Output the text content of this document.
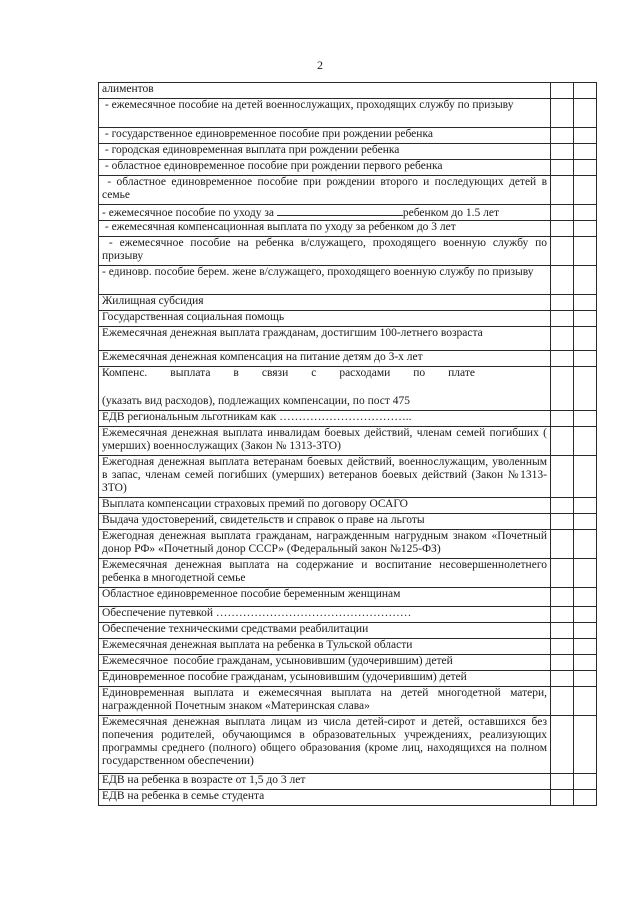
2
алиментов		
- ежемесячное пособие на детей военнослужащих, проходящих службу по призыву		
- государственное единовременное пособие при рождении ребенка		
- городская единовременная выплата при рождении ребенка		
- областное единовременное пособие при рождении первого ребенка		
- областное единовременное пособие при рождении второго и последующих детей в семье		
- ежемесячное пособие по уходу за ребенком до 1.5 лет		
- ежемесячная компенсационная выплата по уходу за ребенком до 3 лет		
- ежемесячное пособие на ребенка в/служащего, проходящего военную службу по призыву		
- единовр. пособие берем. жене в/служащего, проходящего военную службу по призыву		
Жилищная субсидия		
Государственная социальная помощь		
Ежемесячная денежная выплата гражданам, достигшим 100-летнего возраста		
Ежемесячная денежная компенсация на питание детям до 3-х лет		

Компенс.        выплата        в        связи        с        расходами        по        плате
(указать вид расходов), подлежащих компенсации, по пост 475		

ЕДВ региональным льготникам как ……………………………..		
Ежемесячная денежная выплата инвалидам боевых действий, членам семей погибших ( умерших) военнослужащих (Закон № 1313-ЗТО)		
Ежегодная денежная выплата ветеранам боевых действий, военнослужащим, уволенным в запас, членам семей погибших (умерших) ветеранов боевых действий (Закон №1313-ЗТО)		
Выплата компенсации страховых премий по договору ОСАГО		
Выдача удостоверений, свидетельств и справок о праве на льготы		
Ежегодная денежная выплата гражданам, награжденным нагрудным знаком «Почетный донор РФ» «Почетный донор СССР» (Федеральный закон №125-ФЗ)		
Ежемесячная денежная выплата на содержание и воспитание несовершеннолетнего ребенка в многодетной семье		
Областное единовременное пособие беременным женщинам		
Обеспечение путевкой ……………………………………………		
Обеспечение техническими средствами реабилитации		
Ежемесячная денежная выплата на ребенка в Тульской области		
Ежемесячное  пособие гражданам, усыновившим (удочерившим) детей		
Единовременное пособие гражданам, усыновившим (удочерившим) детей		
Единовременная выплата и ежемесячная выплата на детей многодетной матери, награжденной Почетным знаком «Материнская слава»		
Ежемесячная денежная выплата лицам из числа детей-сирот и детей, оставшихся без попечения родителей, обучающимся в образовательных учреждениях, реализующих программы среднего (полного) общего образования (кроме лиц, находящихся на полном государственном обеспечении)		
ЕДВ на ребенка в возрасте от 1,5 до 3 лет		
ЕДВ на ребенка в семье студента		
